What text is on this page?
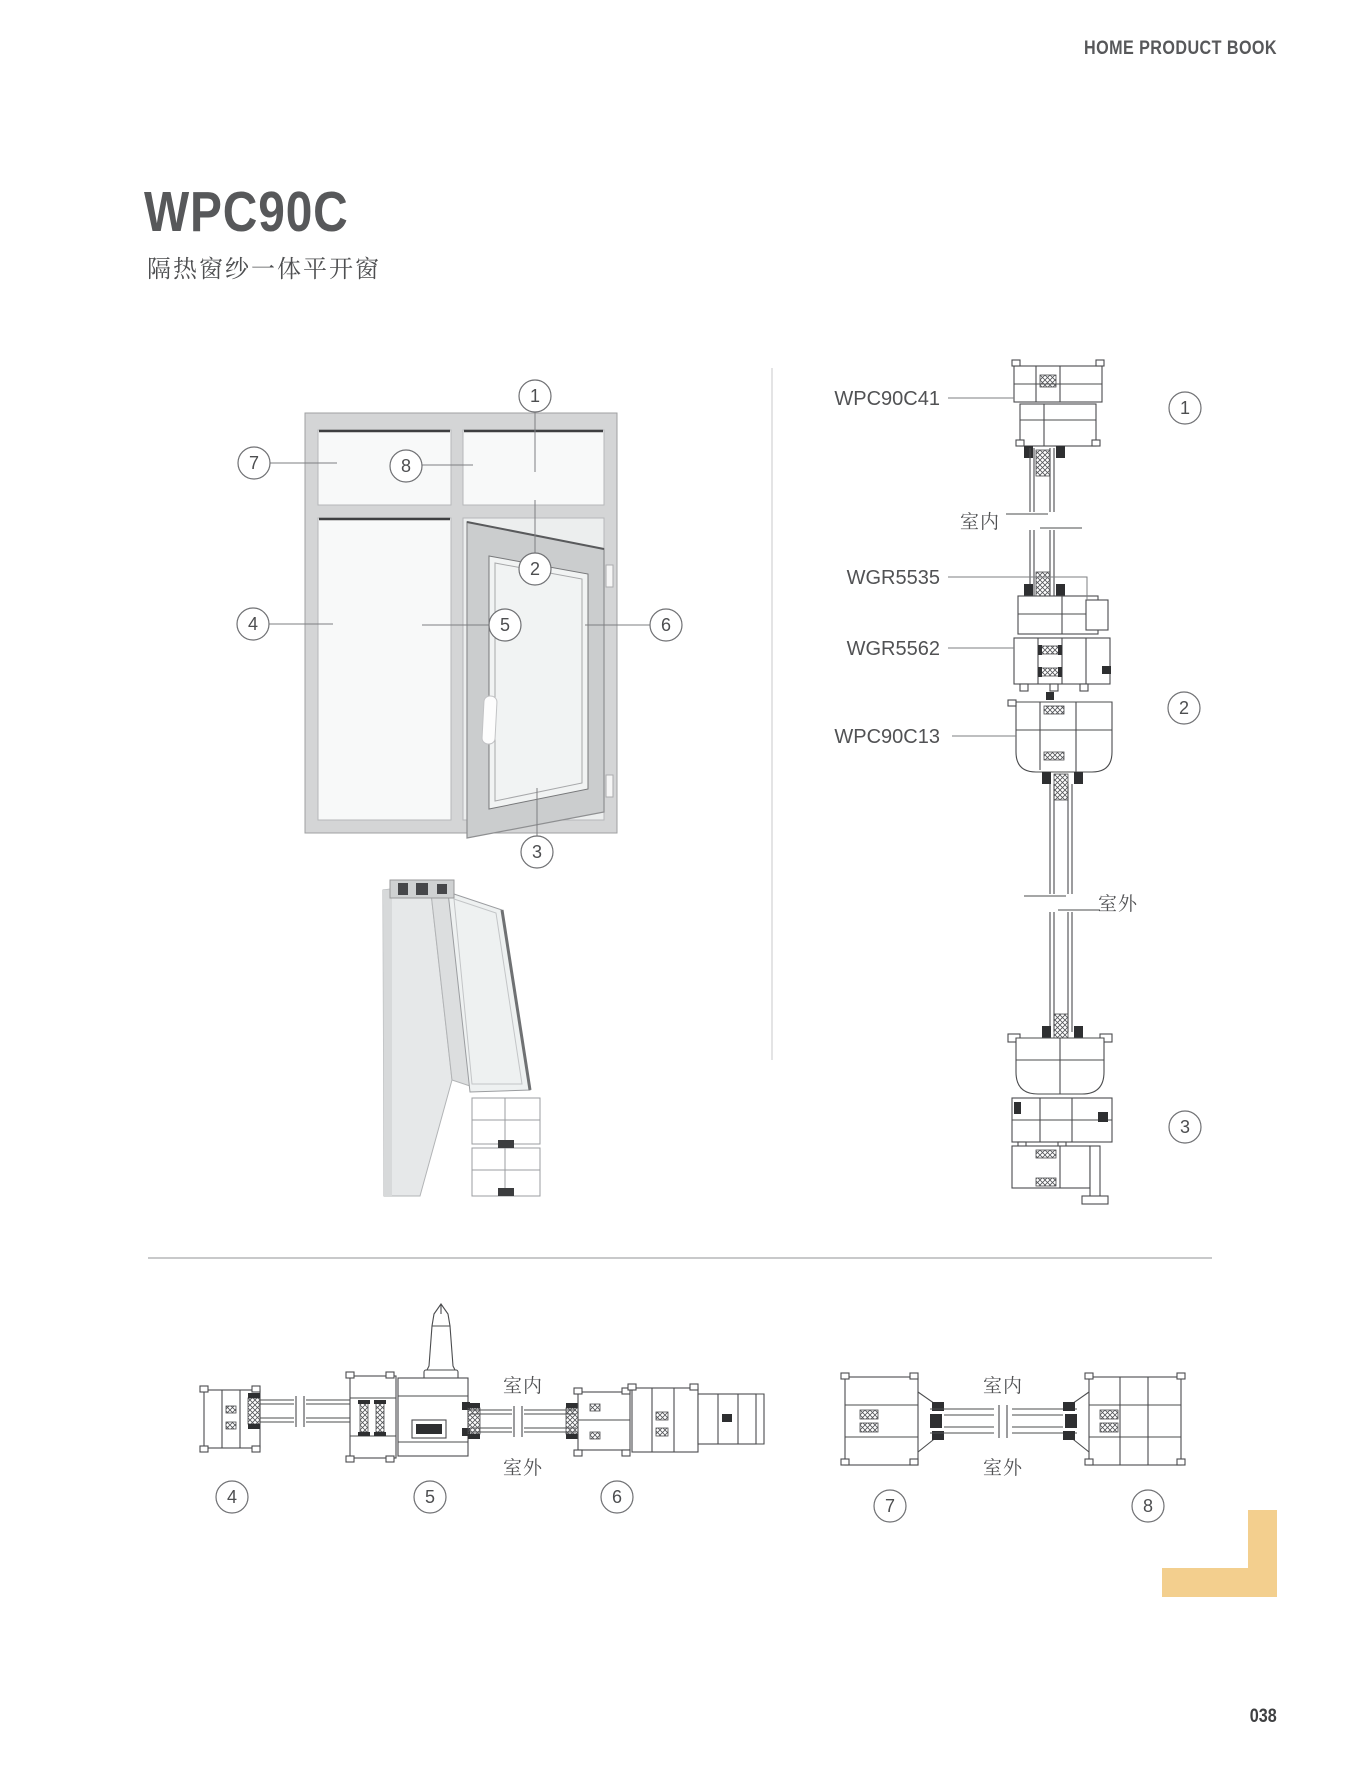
HOME PRODUCT BOOK
WPC90C
隔热窗纱一体平开窗
1
7	8
2
4	5	6
3
WPC90C41
室内
WGR5535
WGR5562
WPC90C13
室外
1
2
3
室内
室外
4	5	6
室内
室外
7	8
038
